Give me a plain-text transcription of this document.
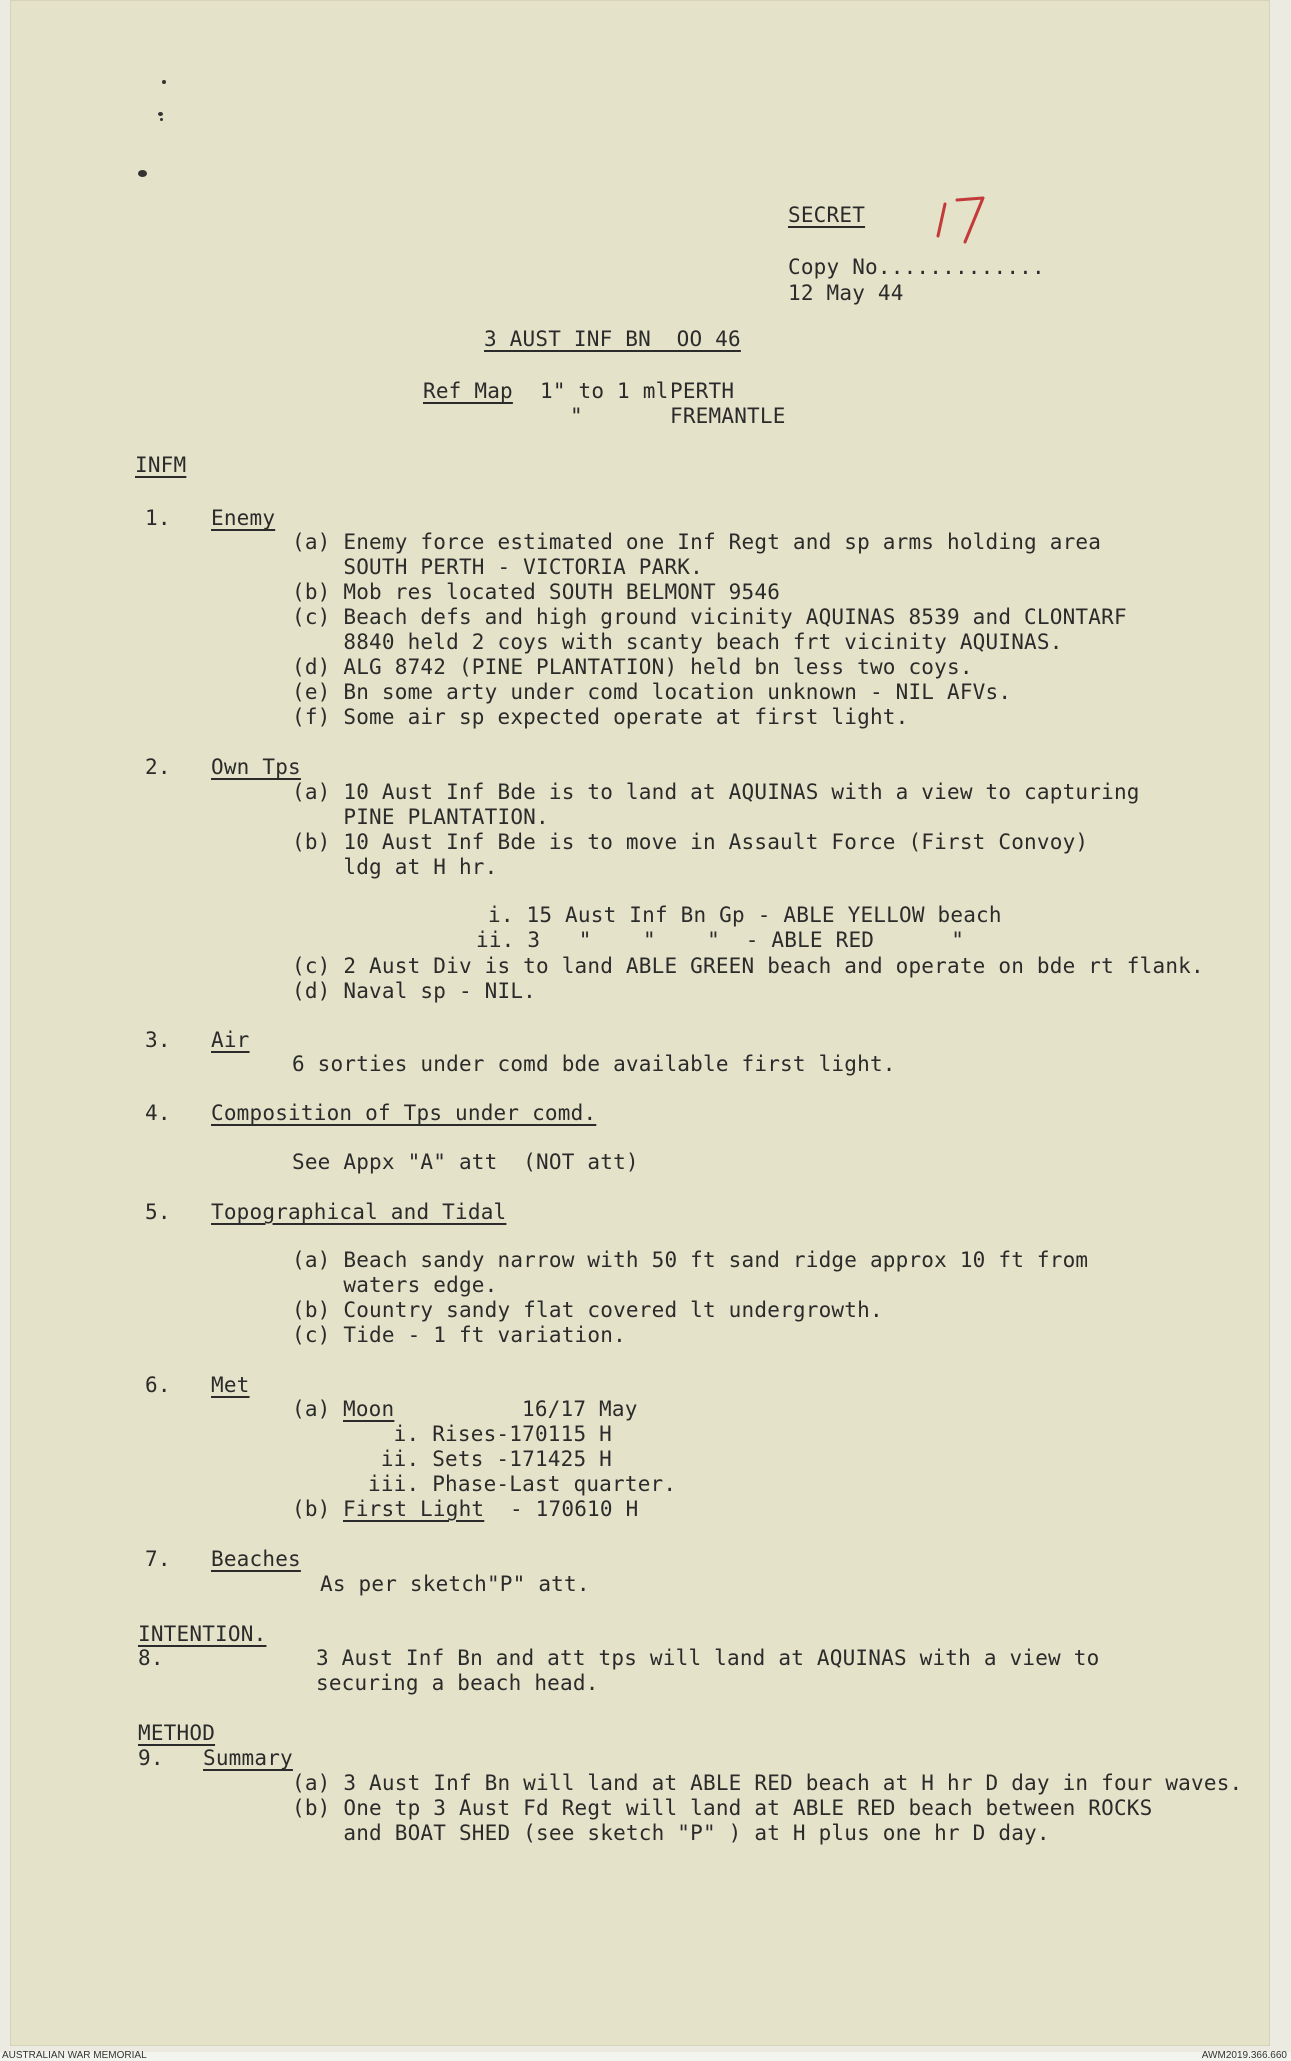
SECRET
Copy No.............
12 May 44
3 AUST INF BN  OO 46
Ref Map 1" to 1 ml PERTH
"	FREMANTLE
INFM
1. Enemy
(a) Enemy force estimated one Inf Regt and sp arms holding area
SOUTH PERTH - VICTORIA PARK.
(b) Mob res located SOUTH BELMONT 9546
(c) Beach defs and high ground vicinity AQUINAS 8539 and CLONTARF
8840 held 2 coys with scanty beach frt vicinity AQUINAS.
(d) ALG 8742 (PINE PLANTATION) held bn less two coys.
(e) Bn some arty under comd location unknown - NIL AFVs.
(f) Some air sp expected operate at first light.
2. Own Tps
(a) 10 Aust Inf Bde is to land at AQUINAS with a view to capturing
PINE PLANTATION.
(b) 10 Aust Inf Bde is to move in Assault Force (First Convoy)
ldg at H hr.
i. 15 Aust Inf Bn Gp - ABLE YELLOW beach
ii. 3   "    "    "  - ABLE RED      "
(c) 2 Aust Div is to land ABLE GREEN beach and operate on bde rt flank.
(d) Naval sp - NIL.
3. Air
6 sorties under comd bde available first light.
4. Composition of Tps under comd.
See Appx "A" att  (NOT att)
5. Topographical and Tidal
(a) Beach sandy narrow with 50 ft sand ridge approx 10 ft from
waters edge.
(b) Country sandy flat covered lt undergrowth.
(c) Tide - 1 ft variation.
6. Met
(a) Moon	16/17 May
i. Rises-170115 H
ii. Sets -171425 H
iii. Phase-Last quarter.
(b) First Light - 170610 H
7. Beaches
As per sketch"P" att.
INTENTION.
8.	3 Aust Inf Bn and att tps will land at AQUINAS with a view to
securing a beach head.
METHOD
9. Summary
(a) 3 Aust Inf Bn will land at ABLE RED beach at H hr D day in four waves.
(b) One tp 3 Aust Fd Regt will land at ABLE RED beach between ROCKS
and BOAT SHED (see sketch "P" ) at H plus one hr D day.
AUSTRALIAN WAR MEMORIAL	AWM2019.366.660
